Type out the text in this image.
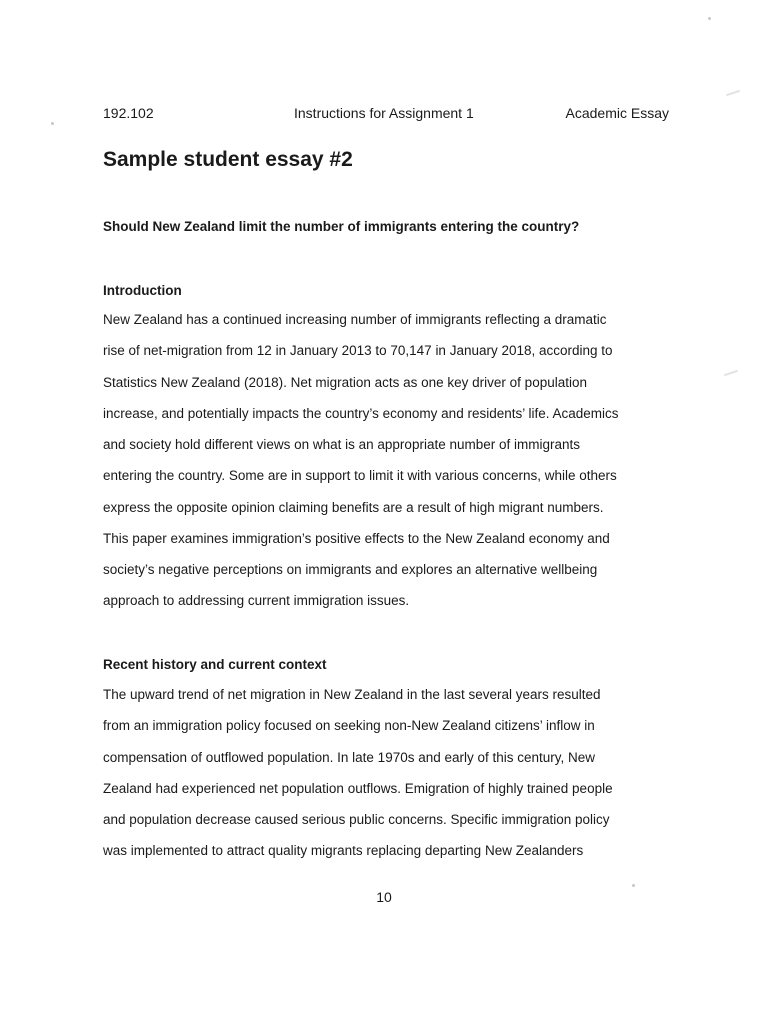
192.102	Instructions for Assignment 1	Academic Essay
Sample student essay #2

Should New Zealand limit the number of immigrants entering the country?

Introduction
New Zealand has a continued increasing number of immigrants reflecting a dramatic
rise of net-migration from 12 in January 2013 to 70,147 in January 2018, according to
Statistics New Zealand (2018). Net migration acts as one key driver of population
increase, and potentially impacts the country’s economy and residents’ life. Academics
and society hold different views on what is an appropriate number of immigrants
entering the country. Some are in support to limit it with various concerns, while others
express the opposite opinion claiming benefits are a result of high migrant numbers.
This paper examines immigration’s positive effects to the New Zealand economy and
society’s negative perceptions on immigrants and explores an alternative wellbeing
approach to addressing current immigration issues.
Recent history and current context
The upward trend of net migration in New Zealand in the last several years resulted
from an immigration policy focused on seeking non-New Zealand citizens’ inflow in
compensation of outflowed population. In late 1970s and early of this century, New
Zealand had experienced net population outflows. Emigration of highly trained people
and population decrease caused serious public concerns. Specific immigration policy
was implemented to attract quality migrants replacing departing New Zealanders
10
